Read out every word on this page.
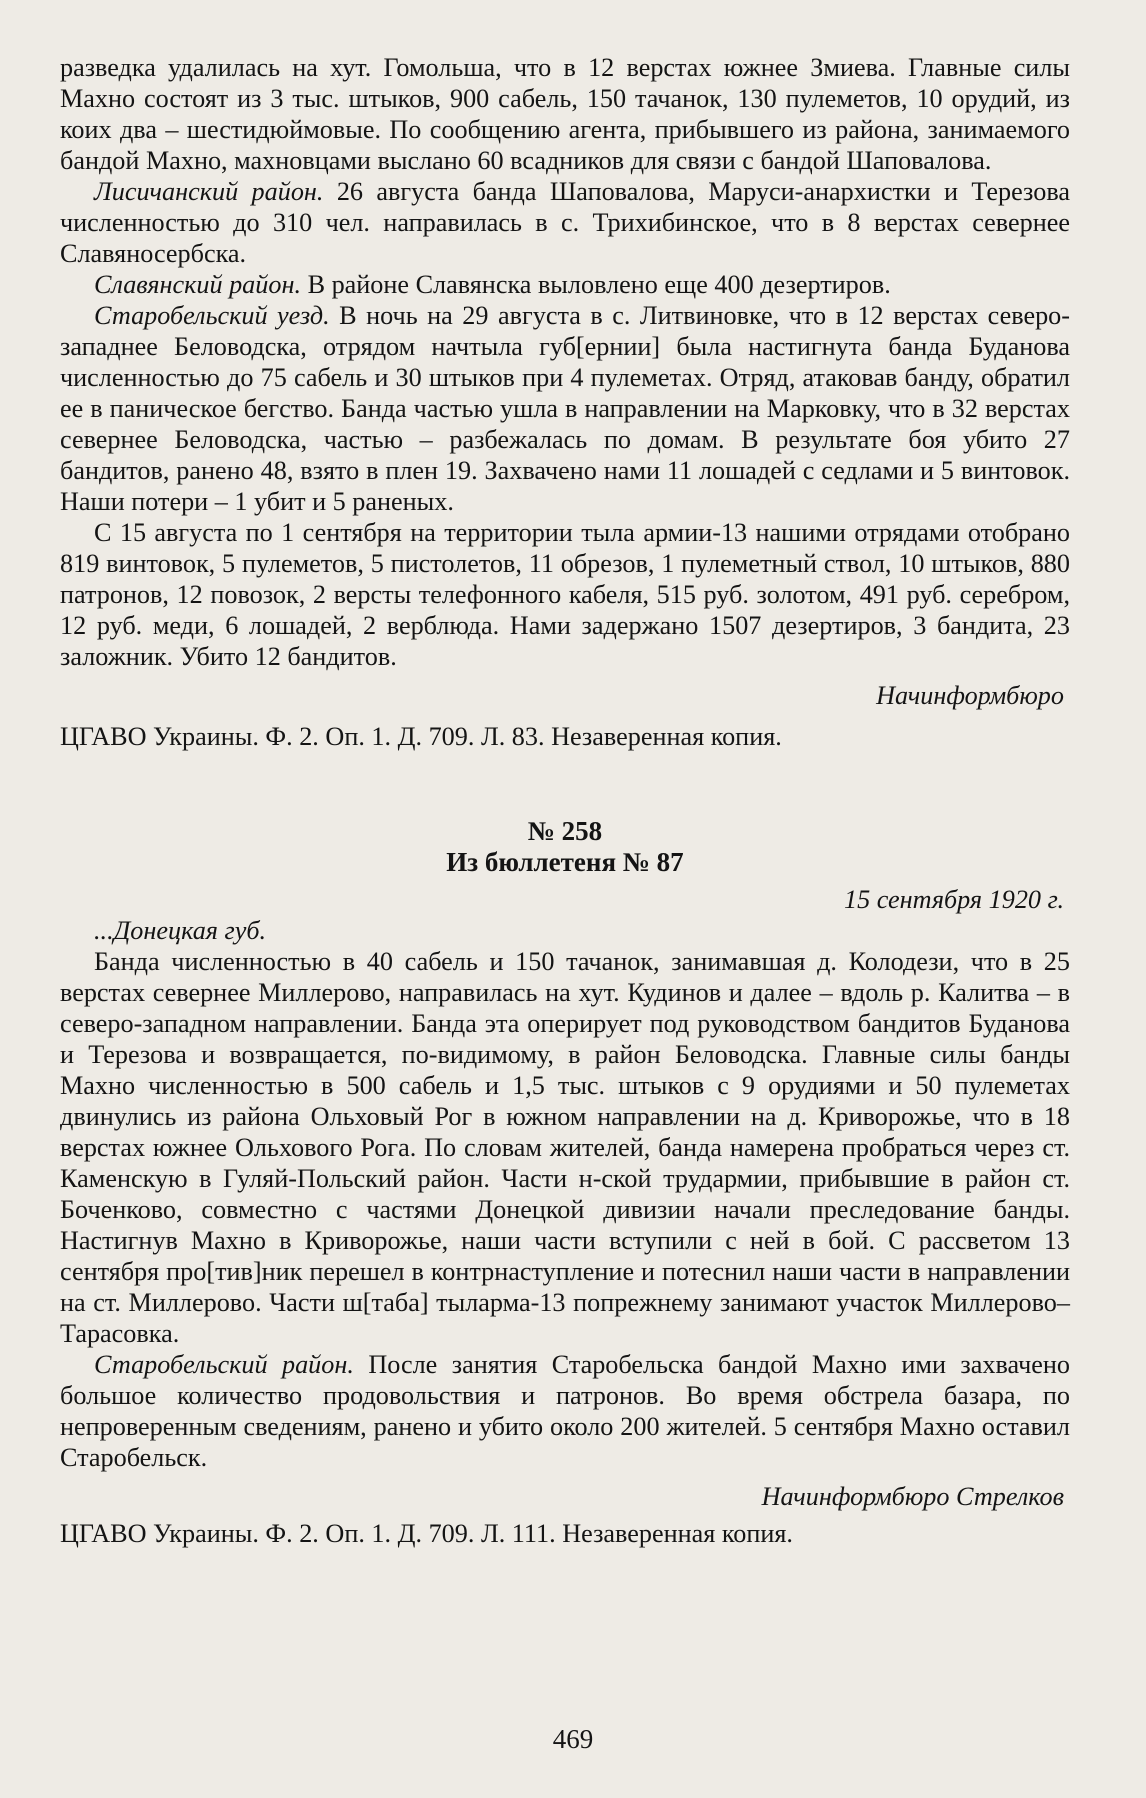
разведка удалилась на хут. Гомольша, что в 12 верстах южнее Змиева. Главные силы Махно состоят из 3 тыс. штыков, 900 сабель, 150 тачанок, 130 пулеметов, 10 орудий, из коих два – шестидюймовые. По сообщению агента, прибывшего из района, занимаемого бандой Махно, махновцами выслано 60 всадников для связи с бандой Шаповалова.

Лисичанский район. 26 августа банда Шаповалова, Маруси-анархистки и Терезова численностью до 310 чел. направилась в с. Трихибинское, что в 8 верстах севернее Славяносербска.

Славянский район. В районе Славянска выловлено еще 400 дезертиров.

Старобельский уезд. В ночь на 29 августа в с. Литвиновке, что в 12 верстах северо-западнее Беловодска, отрядом начтыла губ[ернии] была настигнута банда Буданова численностью до 75 сабель и 30 штыков при 4 пулеметах. Отряд, атаковав банду, обратил ее в паническое бегство. Банда частью ушла в направлении на Марковку, что в 32 верстах севернее Беловодска, частью – разбежалась по домам. В результате боя убито 27 бандитов, ранено 48, взято в плен 19. Захвачено нами 11 лошадей с седлами и 5 винтовок. Наши потери – 1 убит и 5 раненых.

С 15 августа по 1 сентября на территории тыла армии-13 нашими отрядами отобрано 819 винтовок, 5 пулеметов, 5 пистолетов, 11 обрезов, 1 пулеметный ствол, 10 штыков, 880 патронов, 12 повозок, 2 версты телефонного кабеля, 515 руб. золотом, 491 руб. серебром, 12 руб. меди, 6 лошадей, 2 верблюда. Нами задержано 1507 дезертиров, 3 бандита, 23 заложник. Убито 12 бандитов.

Начинформбюро
ЦГАВО Украины. Ф. 2. Оп. 1. Д. 709. Л. 83. Незаверенная копия.
№ 258
Из бюллетеня № 87
15 сентября 1920 г.
...Донецкая губ.

Банда численностью в 40 сабель и 150 тачанок, занимавшая д. Колодези, что в 25 верстах севернее Миллерово, направилась на хут. Кудинов и далее – вдоль р. Калитва – в северо-западном направлении. Банда эта оперирует под руководством бандитов Буданова и Терезова и возвращается, по-видимому, в район Беловодска. Главные силы банды Махно численностью в 500 сабель и 1,5 тыс. штыков с 9 орудиями и 50 пулеметах двинулись из района Ольховый Рог в южном направлении на д. Криворожье, что в 18 верстах южнее Ольхового Рога. По словам жителей, банда намерена пробраться через ст. Каменскую в Гуляй-Польский район. Части н-ской трудармии, прибывшие в район ст. Боченково, совместно с частями Донецкой дивизии начали преследование банды. Настигнув Махно в Криворожье, наши части вступили с ней в бой. С рассветом 13 сентября про[тив]ник перешел в контрнаступление и потеснил наши части в направлении на ст. Миллерово. Части ш[таба] тыларма-13 попрежнему занимают участок Миллерово–Тарасовка.

Старобельский район. После занятия Старобельска бандой Махно ими захвачено большое количество продовольствия и патронов. Во время обстрела базара, по непроверенным сведениям, ранено и убито около 200 жителей. 5 сентября Махно оставил Старобельск.

Начинформбюро Стрелков
ЦГАВО Украины. Ф. 2. Оп. 1. Д. 709. Л. 111. Незаверенная копия.
469
